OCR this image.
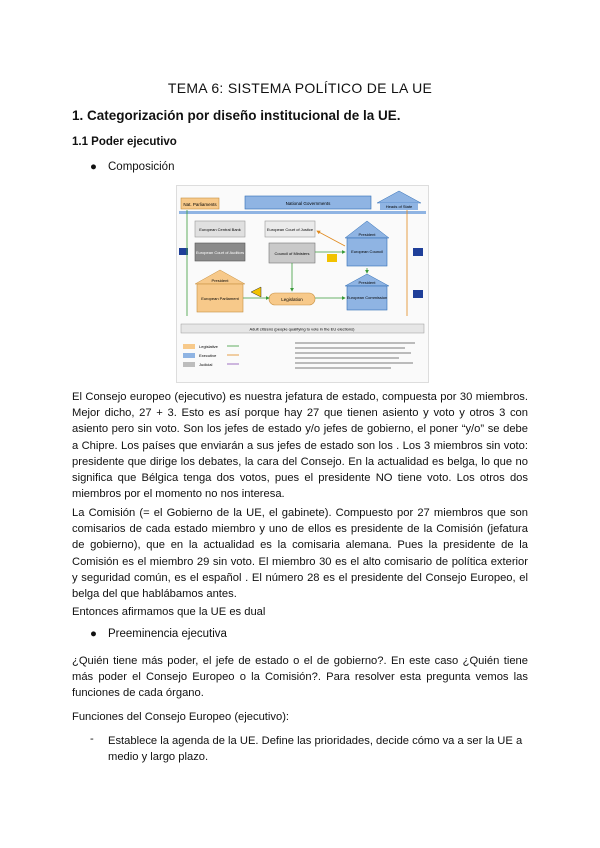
TEMA 6: SISTEMA POLÍTICO DE LA UE
1. Categorización por diseño institucional de la UE.
1.1 Poder ejecutivo
● Composición
Nat. Parliaments	National Governments
Heads of State
European Central Bank
European Court of Auditors
European Court of Justice
Council of Ministers
President
European Council
President
European Parliament	Legislation
President
European Commission
Adult citizens (people qualifying to vote in the EU elections)
Legislative
Executive
Judicial
El Consejo europeo (ejecutivo) es nuestra jefatura de estado, compuesta por 30 miembros. Mejor dicho, 27 + 3. Esto es así porque hay 27 que tienen asiento y voto y otros 3 con asiento pero sin voto. Son los jefes de estado y/o jefes de gobierno, el poner “y/o” se debe a Chipre. Los países que enviarán a sus jefes de estado son los . Los 3 miembros sin voto: presidente que dirige los debates, la cara del Consejo. En la actualidad es belga, lo que no significa que Bélgica tenga dos votos, pues el presidente NO tiene voto. Los otros dos miembros por el momento no nos interesa.
La Comisión (= el Gobierno de la UE, el gabinete). Compuesto por 27 miembros que son comisarios de cada estado miembro y uno de ellos es presidente de la Comisión (jefatura de gobierno), que en la actualidad es la comisaria alemana. Pues la presidente de la Comisión es el miembro 29 sin voto. El miembro 30 es el alto comisario de política exterior y seguridad común, es el español . El número 28 es el presidente del Consejo Europeo, el belga del que hablábamos antes.
Entonces afirmamos que la UE es dual
● Preeminencia ejecutiva
¿Quién tiene más poder, el jefe de estado o el de gobierno?. En este caso ¿Quién tiene más poder el Consejo Europeo o la Comisión?. Para resolver esta pregunta vemos las funciones de cada órgano.
Funciones del Consejo Europeo (ejecutivo):
- Establece la agenda de la UE. Define las prioridades, decide cómo va a ser la UE a medio y largo plazo.
